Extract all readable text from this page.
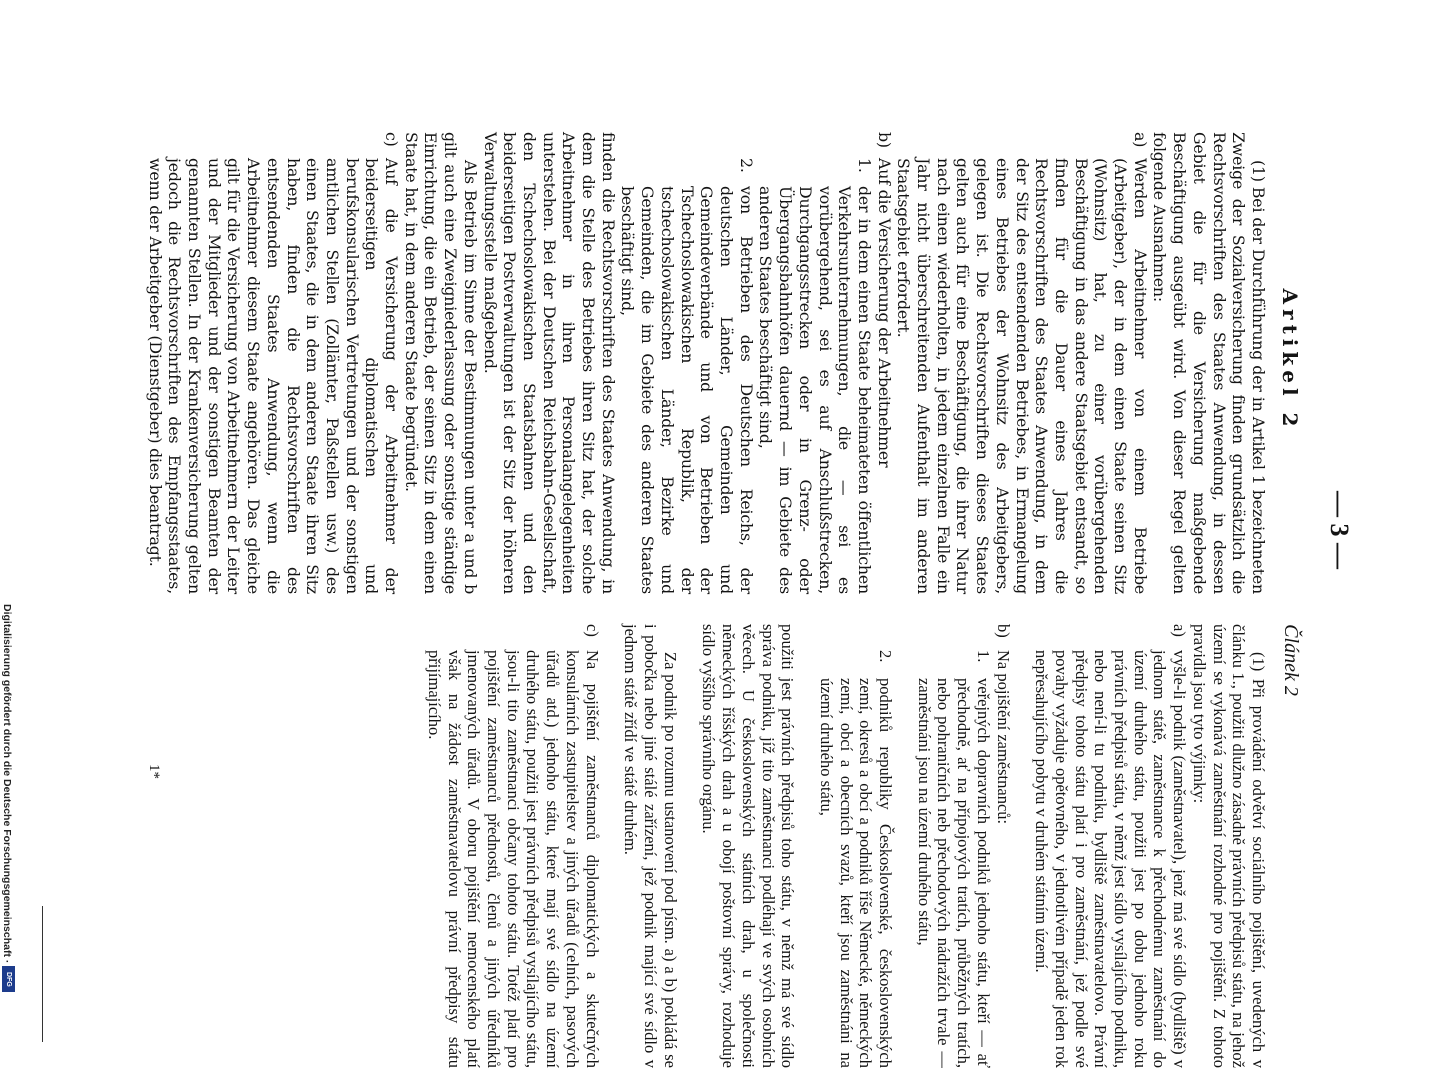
— 3 —
Artikel 2
Článek 2

(1) Bei der Durchführung der in Artikel 1 bezeichneten Zweige der Sozialversicherung finden grundsätzlich die Rechtsvorschriften des Staates Anwendung, in dessen Gebiet die für die Versicherung maßgebende Beschäftigung ausgeübt wird. Von dieser Regel gelten folgende Ausnahmen:

a)
Werden Arbeitnehmer von einem Betriebe (Arbeitgeber), der in dem einen Staate seinen Sitz (Wohnsitz) hat, zu einer vorübergehenden Beschäftigung in das andere Staatsgebiet entsandt, so finden für die Dauer eines Jahres die Rechtsvorschriften des Staates Anwendung, in dem der Sitz des entsendenden Betriebes, in Ermangelung eines Betriebes der Wohnsitz des Arbeitgebers, gelegen ist. Die Rechtsvorschriften dieses Staates gelten auch für eine Beschäftigung, die ihrer Natur nach einen wiederholten, in jedem einzelnen Falle ein Jahr nicht überschreitenden Aufenthalt im anderen Staatsgebiet erfordert.
b)
Auf die Versicherung der Arbeitnehmer
1.
der in dem einen Staate beheimateten öffentlichen Verkehrsunternehmungen, die — sei es vorübergehend, sei es auf Anschlußstrecken, Durchgangsstrecken oder in Grenz- oder Übergangsbahnhöfen dauernd — im Gebiete des anderen Staates beschäftigt sind,
2.
von Betrieben des Deutschen Reichs, der deutschen Länder, Gemeinden und Gemeindeverbände und von Betrieben der Tschechoslowakischen Republik, der tschechoslowakischen Länder, Bezirke und Gemeinden, die im Gebiete des anderen Staates beschäftigt sind,

finden die Rechtsvorschriften des Staates Anwendung, in dem die Stelle des Betriebes ihren Sitz hat, der solche Arbeitnehmer in ihren Personalangelegenheiten unterstehen. Bei der Deutschen Reichsbahn-Gesellschaft, den Tschechoslowakischen Staatsbahnen und den beiderseitigen Postverwaltungen ist der Sitz der höheren Verwaltungsstelle maßgebend.

Als Betrieb im Sinne der Bestimmungen unter a und b gilt auch eine Zweigniederlassung oder sonstige ständige Einrichtung, die ein Betrieb, der seinen Sitz in dem einen Staate hat, in dem anderen Staate begründet.

c)
Auf die Versicherung der Arbeitnehmer der beiderseitigen diplomatischen und berufskonsularischen Vertretungen und der sonstigen amtlichen Stellen (Zollämter, Paßstellen usw.) des einen Staates, die in dem anderen Staate ihren Sitz haben, finden die Rechtsvorschriften des entsendenden Staates Anwendung, wenn die Arbeitnehmer diesem Staate angehören. Das gleiche gilt für die Versicherung von Arbeitnehmern der Leiter und der Mitglieder und der sonstigen Beamten der genannten Stellen. In der Krankenversicherung gelten jedoch die Rechtsvorschriften des Empfangsstaates, wenn der Arbeitgeber (Dienstgeber) dies beantragt.

(1) Při provádění odvětví sociálního pojištění, uvedených v článku 1., použiti dlužno zásadně právních předpisů státu, na jehož území se vykonává zaměstnání rozhodné pro pojištění. Z tohoto pravidla jsou tyto výjimky:

a)
vyšle-li podnik (zaměstnavatel), jenž má své sídlo (bydliště) v jednom státě, zaměstnance k přechodnému zaměstnání do území druhého státu, použiti jest po dobu jednoho roku právních předpisů státu, v němž jest sídlo vysílajícího podniku, nebo není-li tu podniku, bydliště zaměstnavatelovo. Právní předpisy tohoto státu platí i pro zaměstnání, jež podle své povahy vyžaduje opětovného, v jednotlivém případě jeden rok nepřesahujícího pobytu v druhém státním území.
b)
Na pojištění zaměstnanců:
1.
veřejných dopravních podniků jednoho státu, kteří — ať přechodně, ať na přípojových tratích, průběžných tratích, nebo pohraničních neb přechodových nádražích trvale — zaměstnáni jsou na území druhého státu,
2.
podniků republiky Československé, československých zemí, okresů a obcí a podniků říše Německé, německých zemí, obcí a obecních svazů, kteří jsou zaměstnáni na území druhého státu,

použiti jest právních předpisů toho státu, v němž má své sídlo správa podniku, jíž tito zaměstnanci podléhají ve svých osobních věcech. U československých státních drah, u společnosti německých říšských drah a u obojí poštovní správy, rozhoduje sídlo vyššího správního orgánu.

Za podnik po rozumu ustanovení pod písm. a) a b) pokládá se i pobočka nebo jiné stálé zařízení, jež podnik mající své sídlo v jednom státě zřídí ve státě druhém.

c)
Na pojištění zaměstnanců diplomatických a skutečných konsulárních zastupitelstev a jiných úřadů (celních, pasových úřadů atd.) jednoho státu, které mají své sídlo na území druhého státu, použiti jest právních předpisů vysílajícího státu, jsou-li tito zaměstnanci občany tohoto státu. Totéž platí pro pojištění zaměstnanců přednostů, členů a jiných úředníků jmenovaných úřadů. V oboru pojištění nemocenského platí však na žádost zaměstnavatelovu právní předpisy státu přijímajícího.
1*
Digitalisierung gefördert durch die Deutsche Forschungsgemeinschaft ·
DFG
